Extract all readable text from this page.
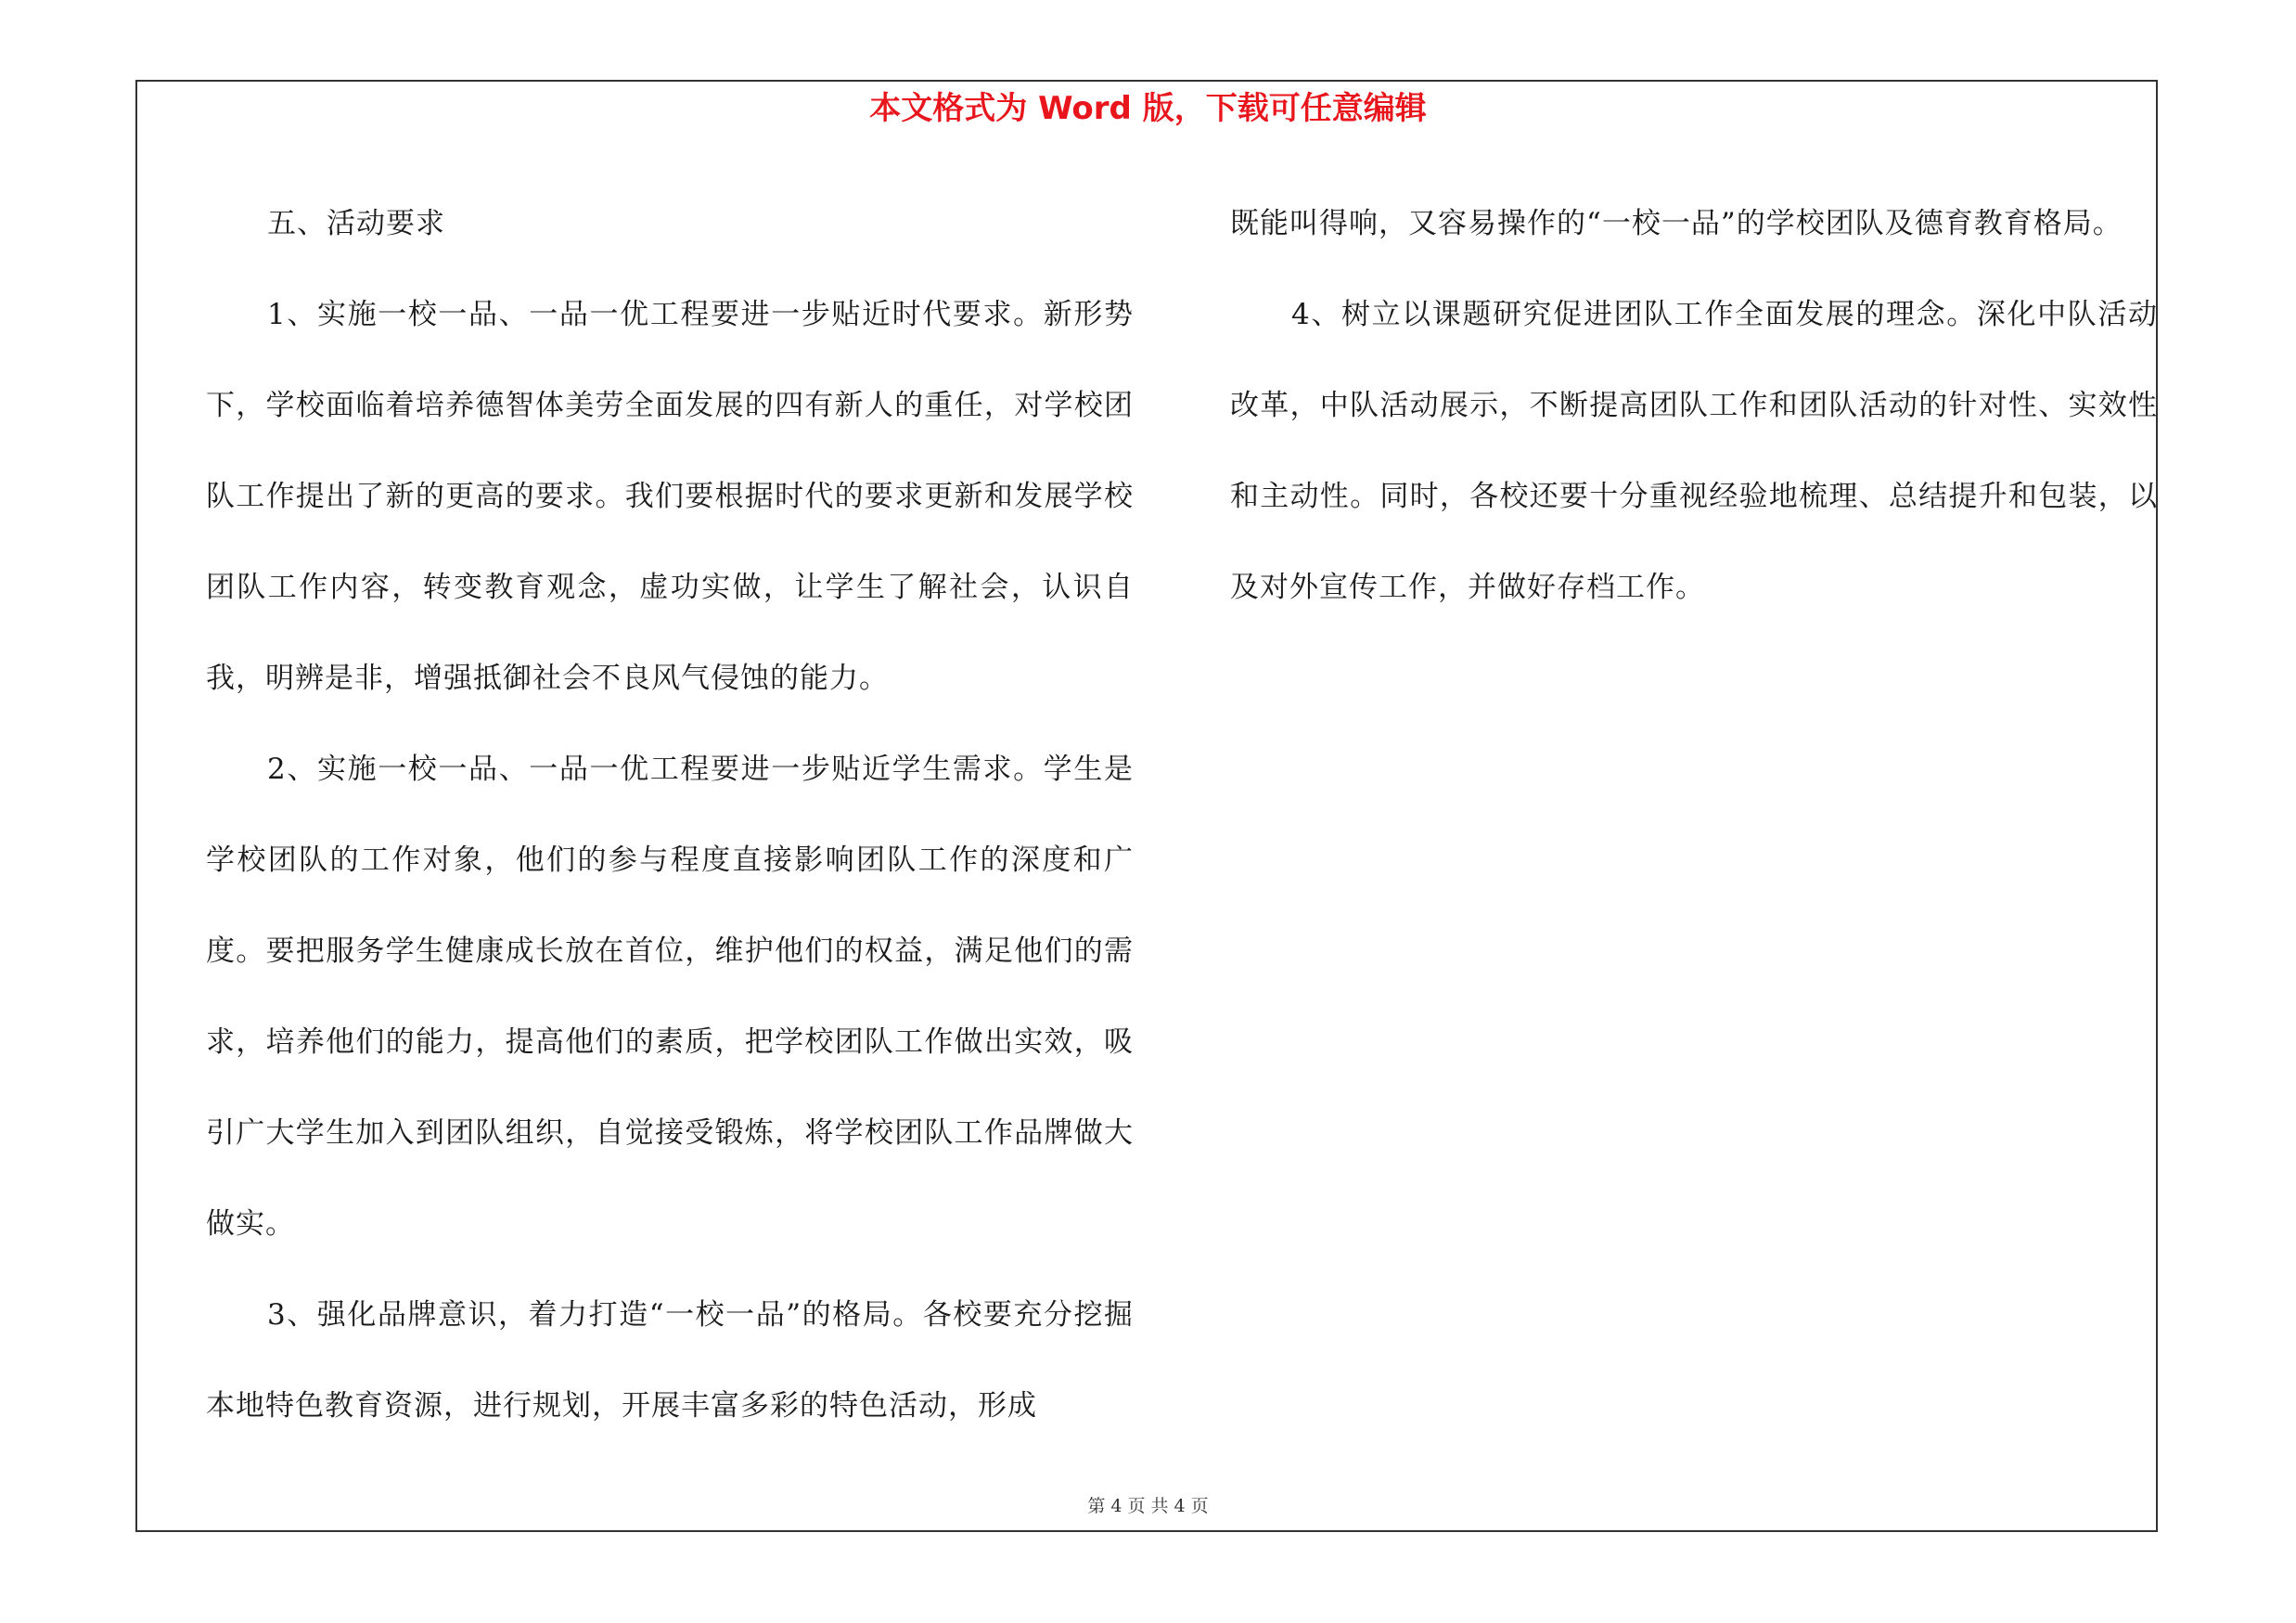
本文格式为 Word 版，下载可任意编辑

五、活动要求

1、实施一校一品、一品一优工程要进一步贴近时代要求。新形势下，学校面临着培养德智体美劳全面发展的四有新人的重任，对学校团队工作提出了新的更高的要求。我们要根据时代的要求更新和发展学校团队工作内容，转变教育观念，虚功实做，让学生了解社会，认识自我，明辨是非，增强抵御社会不良风气侵蚀的能力。

2、实施一校一品、一品一优工程要进一步贴近学生需求。学生是学校团队的工作对象，他们的参与程度直接影响团队工作的深度和广度。要把服务学生健康成长放在首位，维护他们的权益，满足他们的需求，培养他们的能力，提高他们的素质，把学校团队工作做出实效，吸引广大学生加入到团队组织，自觉接受锻炼，将学校团队工作品牌做大做实。

3、强化品牌意识，着力打造“一校一品”的格局。各校要充分挖掘本地特色教育资源，进行规划，开展丰富多彩的特色活动，形成

既能叫得响，又容易操作的“一校一品”的学校团队及德育教育格局。

4、树立以课题研究促进团队工作全面发展的理念。深化中队活动改革，中队活动展示，不断提高团队工作和团队活动的针对性、实效性和主动性。同时，各校还要十分重视经验地梳理、总结提升和包装，以及对外宣传工作，并做好存档工作。

第 4 页 共 4 页
